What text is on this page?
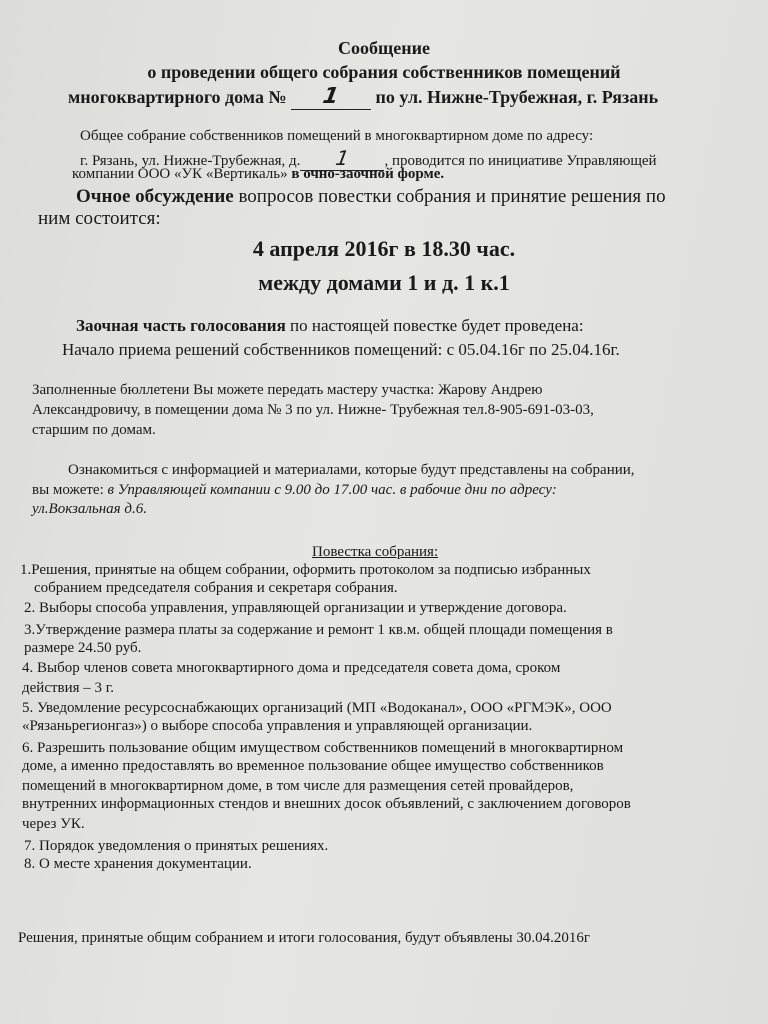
Сообщение
о проведении общего собрания собственников помещений
многоквартирного дома № 1 по ул. Нижне-Трубежная, г. Рязань
Общее собрание собственников помещений в многоквартирном доме по адресу:
г. Рязань, ул. Нижне-Трубежная, д. 1 , проводится по инициативе Управляющей
компании ООО «УК «Вертикаль» в очно-заочной форме.
Очное обсуждение вопросов повестки собрания и принятие решения по
ним состоится:
4 апреля 2016г в 18.30 час.
между домами 1 и д. 1 к.1
Заочная часть голосования по настоящей повестке будет проведена:
Начало приема решений собственников помещений: с 05.04.16г по 25.04.16г.
Заполненные бюллетени Вы можете передать мастеру участка: Жарову Андрею
Александровичу, в помещении дома № 3 по ул. Нижне- Трубежная тел.8-905-691-03-03,
старшим по домам.
Ознакомиться с информацией и материалами, которые будут представлены на собрании,
вы можете: в Управляющей компании с 9.00 до 17.00 час. в рабочие дни по адресу:
ул.Вокзальная д.6.
Повестка собрания:
1.Решения, принятые на общем собрании, оформить протоколом за подписью избранных
собранием председателя собрания и секретаря собрания.
2. Выборы способа управления, управляющей организации и утверждение договора.
3.Утверждение размера платы за содержание и ремонт 1 кв.м. общей площади помещения в
размере 24.50 руб.
4. Выбор членов совета многоквартирного дома и председателя совета дома, сроком
действия – 3 г.
5. Уведомление ресурсоснабжающих организаций (МП «Водоканал», ООО «РГМЭК», ООО
«Рязаньрегионгаз») о выборе способа управления и управляющей организации.
6. Разрешить пользование общим имуществом собственников помещений в многоквартирном
доме, а именно предоставлять во временное пользование общее имущество собственников
помещений в многоквартирном доме, в том числе для размещения сетей провайдеров,
внутренних информационных стендов и внешних досок объявлений, с заключением договоров
через УК.
7. Порядок уведомления о принятых решениях.
8. О месте хранения документации.
Решения, принятые общим собранием и итоги голосования, будут объявлены 30.04.2016г
